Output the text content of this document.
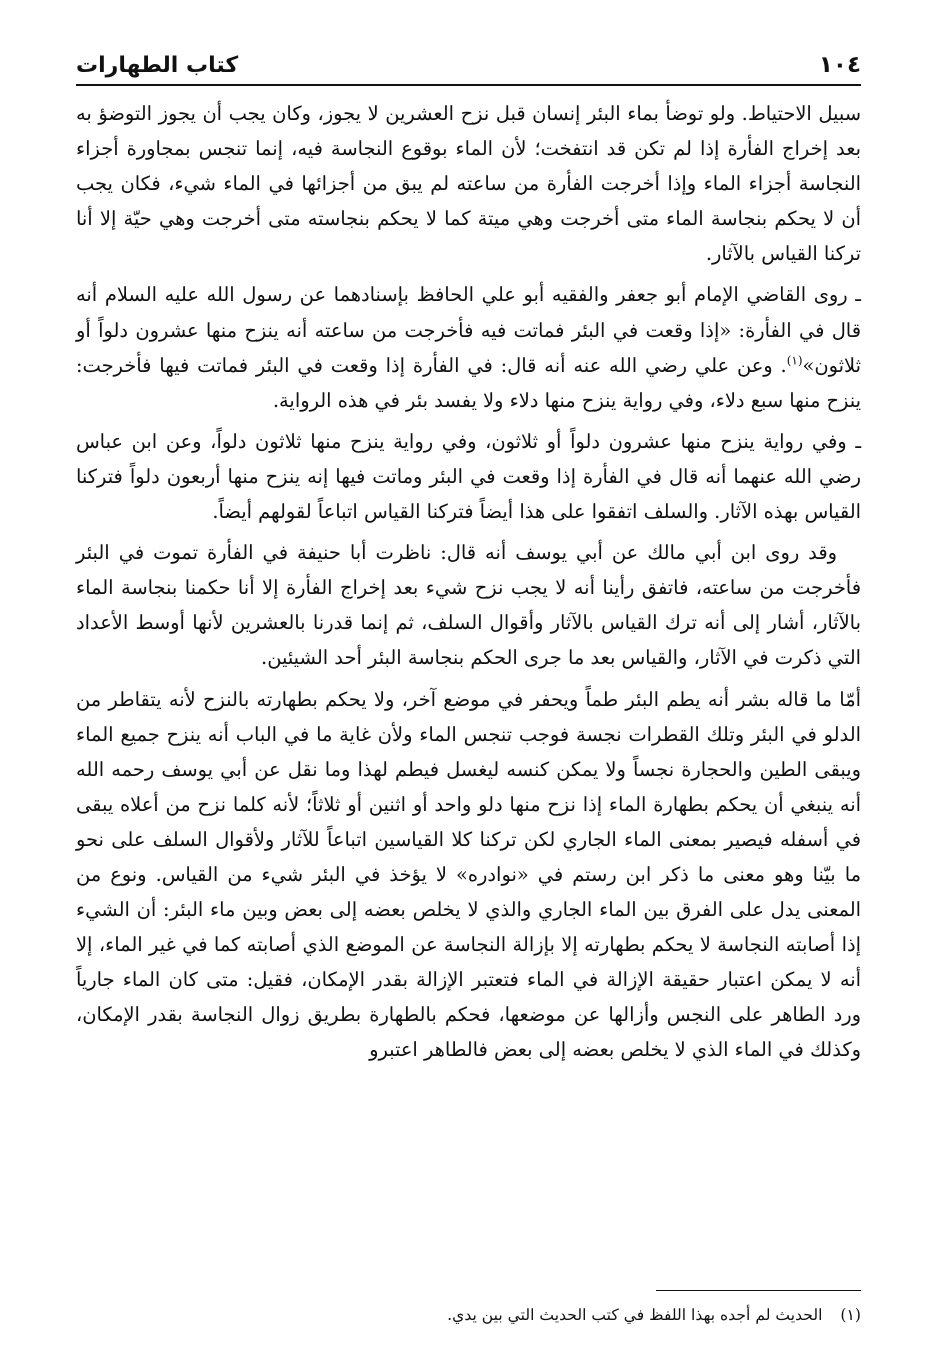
١٠٤
كتاب الطهارات

سبيل الاحتياط. ولو توضأ بماء البئر إنسان قبل نزح العشرين لا يجوز، وكان يجب أن يجوز التوضؤ به بعد إخراج الفأرة إذا لم تكن قد انتفخت؛ لأن الماء بوقوع النجاسة فيه، إنما تنجس بمجاورة أجزاء النجاسة أجزاء الماء وإذا أخرجت الفأرة من ساعته لم يبق من أجزائها في الماء شيء، فكان يجب أن لا يحكم بنجاسة الماء متى أخرجت وهي ميتة كما لا يحكم بنجاسته متى أخرجت وهي حيّة إلا أنا تركنا القياس بالآثار.

ـ روى القاضي الإمام أبو جعفر والفقيه أبو علي الحافظ بإسنادهما عن رسول الله عليه السلام أنه قال في الفأرة: «إذا وقعت في البئر فماتت فيه فأخرجت من ساعته أنه ينزح منها عشرون دلواً أو ثلاثون»$^{(١)}$. وعن علي رضي الله عنه أنه قال: في الفأرة إذا وقعت في البئر فماتت فيها فأخرجت: ينزح منها سبع دلاء، وفي رواية ينزح منها دلاء ولا يفسد بئر في هذه الرواية.

ـ وفي رواية ينزح منها عشرون دلواً أو ثلاثون، وفي رواية ينزح منها ثلاثون دلواً، وعن ابن عباس رضي الله عنهما أنه قال في الفأرة إذا وقعت في البئر وماتت فيها إنه ينزح منها أربعون دلواً فتركنا القياس بهذه الآثار. والسلف اتفقوا على هذا أيضاً فتركنا القياس اتباعاً لقولهم أيضاً.

وقد روى ابن أبي مالك عن أبي يوسف أنه قال: ناظرت أبا حنيفة في الفأرة تموت في البئر فأخرجت من ساعته، فاتفق رأينا أنه لا يجب نزح شيء بعد إخراج الفأرة إلا أنا حكمنا بنجاسة الماء بالآثار، أشار إلى أنه ترك القياس بالآثار وأقوال السلف، ثم إنما قدرنا بالعشرين لأنها أوسط الأعداد التي ذكرت في الآثار، والقياس بعد ما جرى الحكم بنجاسة البئر أحد الشيئين.

أمّا ما قاله بشر أنه يطم البئر طماً ويحفر في موضع آخر، ولا يحكم بطهارته بالنزح لأنه يتقاطر من الدلو في البئر وتلك القطرات نجسة فوجب تنجس الماء ولأن غاية ما في الباب أنه ينزح جميع الماء ويبقى الطين والحجارة نجساً ولا يمكن كنسه ليغسل فيطم لهذا وما نقل عن أبي يوسف رحمه الله أنه ينبغي أن يحكم بطهارة الماء إذا نزح منها دلو واحد أو اثنين أو ثلاثاً؛ لأنه كلما نزح من أعلاه يبقى في أسفله فيصير بمعنى الماء الجاري لكن تركنا كلا القياسين اتباعاً للآثار ولأقوال السلف على نحو ما بيّنا وهو معنى ما ذكر ابن رستم في «نوادره» لا يؤخذ في البئر شيء من القياس. ونوع من المعنى يدل على الفرق بين الماء الجاري والذي لا يخلص بعضه إلى بعض وبين ماء البئر: أن الشيء إذا أصابته النجاسة لا يحكم بطهارته إلا بإزالة النجاسة عن الموضع الذي أصابته كما في غير الماء، إلا أنه لا يمكن اعتبار حقيقة الإزالة في الماء فتعتبر الإزالة بقدر الإمكان، فقيل: متى كان الماء جارياً ورد الطاهر على النجس وأزالها عن موضعها، فحكم بالطهارة بطريق زوال النجاسة بقدر الإمكان، وكذلك في الماء الذي لا يخلص بعضه إلى بعض فالطاهر اعتبرو

(١)الحديث لم أجده بهذا اللفظ في كتب الحديث التي بين يدي.
